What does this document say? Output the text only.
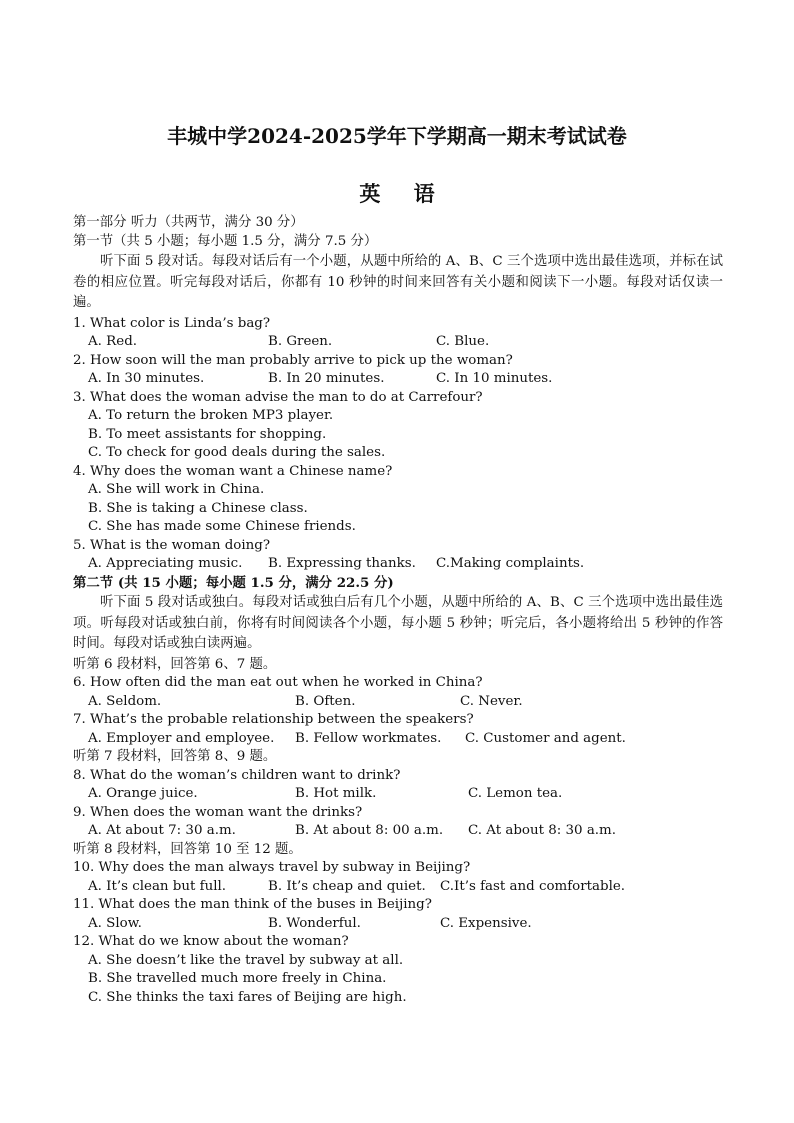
丰城中学2024-2025学年下学期高一期末考试试卷
英 语
第一部分 听力（共两节，满分 30 分）
第一节（共 5 小题；每小题 1.5 分，满分 7.5 分）
听下面 5 段对话。每段对话后有一个小题，从题中所给的 A、B、C 三个选项中选出最佳选项，并标在试卷的相应位置。听完每段对话后，你都有 10 秒钟的时间来回答有关小题和阅读下一小题。每段对话仅读一遍。
1. What color is Linda’s bag?
A. Red.	B. Green.	C. Blue.
2. How soon will the man probably arrive to pick up the woman?
A. In 30 minutes.	B. In 20 minutes.	C. In 10 minutes.
3. What does the woman advise the man to do at Carrefour?
A. To return the broken MP3 player.
B. To meet assistants for shopping.
C. To check for good deals during the sales.
4. Why does the woman want a Chinese name?
A. She will work in China.
B. She is taking a Chinese class.
C. She has made some Chinese friends.
5. What is the woman doing?
A. Appreciating music. B. Expressing thanks. C.Making complaints.
第二节 (共 15 小题；每小题 1.5 分，满分 22.5 分)
听下面 5 段对话或独白。每段对话或独白后有几个小题，从题中所给的 A、B、C 三个选项中选出最佳选项。听每段对话或独白前，你将有时间阅读各个小题，每小题 5 秒钟；听完后，各小题将给出 5 秒钟的作答时间。每段对话或独白读两遍。
听第 6 段材料，回答第 6、7 题。
6. How often did the man eat out when he worked in China?
A. Seldom.	B. Often.	C. Never.
7. What’s the probable relationship between the speakers?
A. Employer and employee. B. Fellow workmates. C. Customer and agent.
听第 7 段材料，回答第 8、9 题。
8. What do the woman’s children want to drink?
A. Orange juice.	B. Hot milk.	C. Lemon tea.
9. When does the woman want the drinks?
A. At about 7: 30 a.m.	B. At about 8: 00 a.m. C. At about 8: 30 a.m.
听第 8 段材料，回答第 10 至 12 题。
10. Why does the man always travel by subway in Beijing?
A. It’s clean but full.	B. It’s cheap and quiet. C.It’s fast and comfortable.
11. What does the man think of the buses in Beijing?
A. Slow.	B. Wonderful.	C. Expensive.
12. What do we know about the woman?
A. She doesn’t like the travel by subway at all.
B. She travelled much more freely in China.
C. She thinks the taxi fares of Beijing are high.
